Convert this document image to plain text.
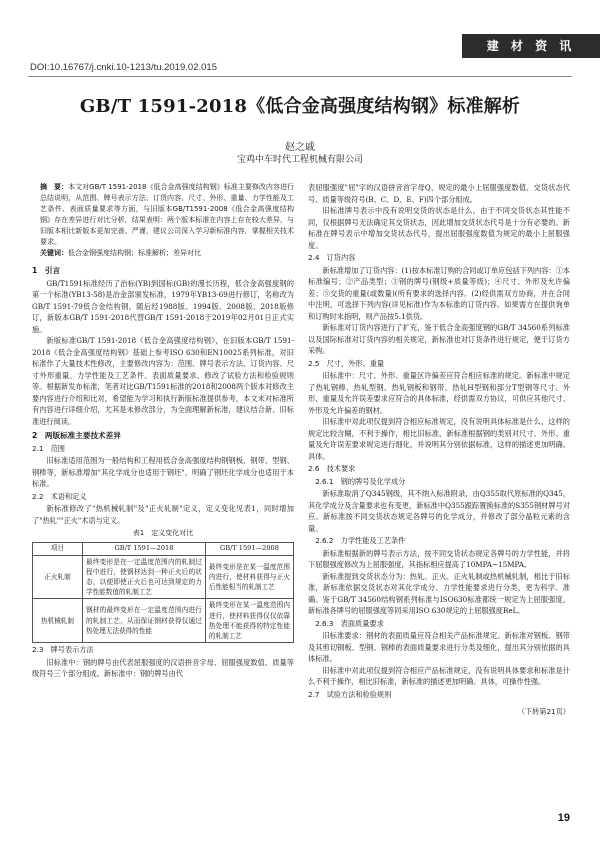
建 材 资 讯
DOI:10.16767/j.cnki.10-1213/tu.2019.02.015
GB/T 1591-2018《低合金高强度结构钢》标准解析
赵之戚
宝鸡中车时代工程机械有限公司
摘　要：本文对GB/T 1591-2018《低合金高强度结构钢》标准主要修改内容进行总结说明，从范围、牌号表示方法、订货内容、尺寸、外形、重量、力学性能及工艺条件、表面质量要求等方面，与旧版本GB/T1591-2008《低合金高强度结构钢》存在差异进行对比分析，结果表明：两个版本标准在内容上存在较大差异，与旧版本相比新版本更加完善、严谨，建议公司深入学习新标准内容，掌握相关技术要求。
关键词：低合金钢强度结构钢；标准解析；差异对比
1　引言

GB/T1591标准经历了治标(YB)到国标(GB)的漫长历程，低合金高强度钢的第一个标准(YB13-58)是冶金部颁发标准，1979年YB13-69进行修订，名称改为GB/T 1591-79低合金结构钢，随后经1988版、1994版、2008版、2018版修订，新版本GB/T 1591-2018代替GB/T 1591-2018于2019年02月01日正式实施。

新版标准GB/T 1591-2018《低合金高强度结构钢》，在旧版本GB/T 1591-2018《低合金高强度结构钢》基础上参考ISO 630和EN10025系列标准，对旧标准作了大量技术性修改，主要修改内容为：范围、牌号表示方法、订货内容、尺寸外形重量、力学性能及工艺条件、表面质量要求、修改了试验方法和检验规则等。根据新发布标准，笔者对比GB/T1591标准的2018和2008两个版本对修改主要内容进行介绍和比对，希望能为学习和执行新版标准提供参考，本文未对标准所有内容进行详细介绍，尤其是未修改部分，为全面理解新标准，建议结合新、旧标准进行阅读。

2　两版标准主要技术差异
2.1　范围

旧标准适用范围为一般结构和工程用低合金高强度结构钢钢板、钢带、型钢、钢棒等，新标准增加"其化学成分也适用于钢坯"，明确了钢坯化学成分也适用于本标准。

2.2　术语和定义

新标准修改了"热机械轧制"及"正火轧制"定义，定义变化见表1，同时增加了"热轧""正火"术语与定义。

表1　定义变化对比
项目	GB/T 1591—2018	GB/T 1591—2008
正火轧制	最终变形是在一定温度范围内的轧制过程中进行，使钢材达到一种正火后的状态，以便即使正火后也可达到规定的力学性能数值的轧制工艺	最终变形是在某一温度范围内进行，使材料获得与正火后性能相当的轧制工艺
热机械轧制	钢材的最终变形在一定温度范围内进行的轧制工艺，从而保证钢材获得仅通过热处理无法获得的性能	最终变形在某一温度范围内进行，使材料获得仅仅依靠热处理不能获得的特定性能的轧制工艺
2.3　牌号表示方法

旧标准中：钢的牌号由代表屈服强度的汉语拼音字母、屈服强度数值、质量等级符号三个部分组成。新标准中：钢的牌号由代

表屈服强度"屈"字的汉语拼音首字母Q、规定的最小上屈服强度数值、交货状态代号、质量等级符号(B、C、D、E、F)四个部分组成。

旧标准牌号表示中没有说明交货的状态是什么，由于不同交货状态其性能不同，仅根据牌号无法确定其交货状态，因此增加交货状态代号是十分有必要的。新标准在牌号表示中增加交货状态代号，提出屈服强度数值为规定的最小上屈服强度。

2.4　订货内容

新标准增加了订货内容：(1)按本标准订购的合同或订单应包括下列内容：①本标准编号；②产品类型；③钢的牌号(钢级+质量等级)；④尺寸、外形及允许偏差；⑤交货的重量(或数量)(所有要求的选择内容。(2)经供需双方协商，并在合同中注明，可选择下列内容(详见标准)作为本标准的订货内容。如果需方在提供询单和订购时未指明，则产品按5.1供货。

新标准对订货内容进行了扩充，鉴于低合金高强度钢的GB/T 34560系列标准以及国际标准对订货内容的相关规定，新标准也对订货条件进行规定，便于订货方采购。

2.5　尺寸、外形、重量

旧标准中：尺寸、外形、重量区许偏差应符合相应标准的规定。新标准中规定了热轧钢棒、热轧型钢、热轧钢板和钢带、热轧H型钢和部分T型钢等尺寸、外形、重量及允许误差要求应符合的具体标准，经供需双方协议，可供应其他尺寸、外形及允许偏差的钢材。

旧标准中对此项仅提到符合相应标准规定，没有说明具体标准是什么，这样的规定比较含糊，不利于操作，相比旧标准，新标准根据钢的类别对尺寸、外形、重量及允许误差要求规定进行细化，并说明其分别依据标准，这样的描述更加明确、具体。

2.6　技术要求
2.6.1　钢的牌号及化学成分

新标准取消了Q345钢级，其不纳入标准附录，由Q355取代原标准的Q345，其化学成分及含量要求也有变更，新标准中Q355跟踪置换标准的S355钢材牌号对应。新标准按不同交货状态规定各牌号的化学成分，并修改了部分晶粒元素的含量。

2.6.2　力学性能及工艺条件

新标准根据新的牌号表示方法，按不同交货状态规定各牌号的力学性能，并将下屈服强度修改为上屈服强度，其指标相应提高了10MPA~15MPA。

新标准提到交货状态分为：热轧、正火、正火轧制或热机械轧制，相比于旧标准，新标准依据交货状态对其化学成分、力学性能要求进行分类，更为科学、准确。鉴于GB/T 34560结构钢系列标准与ISO630标准都统一规定为上屈服强度，新标准各牌号的屈服强度等同采用ISO 630规定的上屈服强度ReL。

2.6.3　表面质量要求

旧标准要求：钢材的表面质量应符合相关产品标准规定。新标准对钢板、钢带及其剪切钢板、型钢、钢棒的表面质量要求进行分类及细化，提出其分别依据的具体标准。

旧标准中对此项仅提到符合相应产品标准规定，没有说明具体要求和标准是什么不利于操作，相比旧标准，新标准的描述更加明确、具体，可操作性强。

2.7　试验方法和检验规则
（下转第21页）
19
